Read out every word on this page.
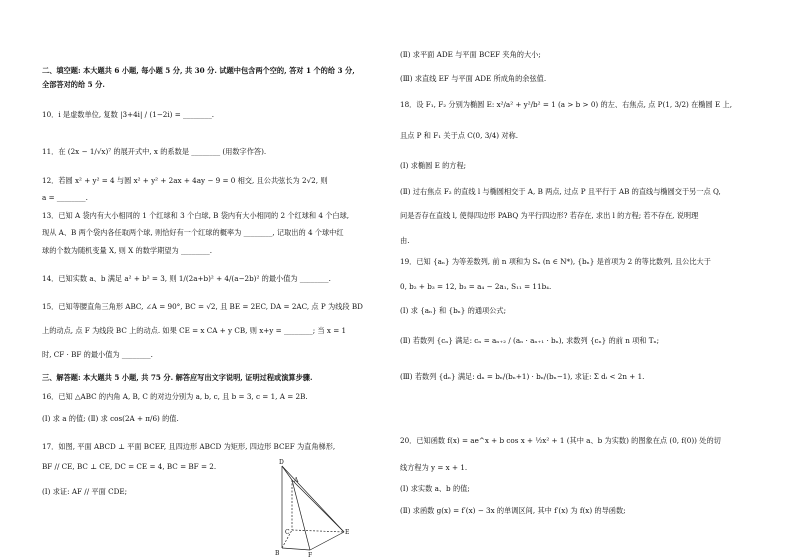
二、填空题: 本大题共 6 小题, 每小题 5 分, 共 30 分. 试题中包含两个空的, 答对 1 个的给 3 分,
全部答对的给 5 分.
10．i 是虚数单位, 复数 |3+4i| / (1−2i) = ________.
11．在 (2x − 1/√x)⁷ 的展开式中, x 的系数是 ________ (用数字作答).
12．若圆 x² + y² = 4 与圆 x² + y² + 2ax + 4ay − 9 = 0 相交, 且公共弦长为 2√2, 则
a = ________.
13．已知 A 袋内有大小相同的 1 个红球和 3 个白球, B 袋内有大小相同的 2 个红球和 4 个白球,
现从 A、B 两个袋内各任取两个球, 则恰好有一个红球的概率为 ________, 记取出的 4 个球中红
球的个数为随机变量 X, 则 X 的数学期望为 ________.
14．已知实数 a、b 满足 a² + b² = 3, 则 1/(2a+b)² + 4/(a−2b)² 的最小值为 ________.
15．已知等腰直角三角形 ABC, ∠A = 90°, BC = √2, 且 BE = 2EC, DA = 2AC, 点 P 为线段 BD
上的动点, 点 F 为线段 BC 上的动点. 如果 CE = x CA + y CB, 则 x+y = ________; 当 x = 1
时, CF · BF 的最小值为 ________.
三、解答题: 本大题共 5 小题, 共 75 分. 解答应写出文字说明, 证明过程或演算步骤.
16．已知 △ABC 的内角 A, B, C 的对边分别为 a, b, c, 且 b = 3, c = 1, A = 2B.
(Ⅰ) 求 a 的值; (Ⅱ) 求 cos(2A + π/6) 的值.
17．如图, 平面 ABCD ⊥ 平面 BCEF, 且四边形 ABCD 为矩形, 四边形 BCEF 为直角梯形,
BF // CE, BC ⊥ CE, DC = CE = 4, BC = BF = 2.
(Ⅰ) 求证: AF // 平面 CDE;
D
A
C
B	F
E
(Ⅱ) 求平面 ADE 与平面 BCEF 夹角的大小;
(Ⅲ) 求直线 EF 与平面 ADE 所成角的余弦值.
18．设 F₁, F₂ 分别为椭圆 E: x²/a² + y²/b² = 1 (a > b > 0) 的左、右焦点, 点 P(1, 3/2) 在椭圆 E 上,
且点 P 和 F₁ 关于点 C(0, 3/4) 对称.
(Ⅰ) 求椭圆 E 的方程;
(Ⅱ) 过右焦点 F₂ 的直线 l 与椭圆相交于 A, B 两点, 过点 P 且平行于 AB 的直线与椭圆交于另一点 Q,
问是否存在直线 l, 使得四边形 PABQ 为平行四边形? 若存在, 求出 l 的方程; 若不存在, 说明理
由.
19．已知 {aₙ} 为等差数列, 前 n 项和为 Sₙ (n ∈ N*), {bₙ} 是首项为 2 的等比数列, 且公比大于
0, b₂ + b₃ = 12, b₃ = a₄ − 2a₁, S₁₁ = 11b₄.
(Ⅰ) 求 {aₙ} 和 {bₙ} 的通项公式;
(Ⅱ) 若数列 {cₙ} 满足: cₙ = aₙ₊₂ / (aₙ · aₙ₊₁ · bₙ), 求数列 {cₙ} 的前 n 项和 Tₙ;
(Ⅲ) 若数列 {dₙ} 满足: dₙ = bₙ/(bₙ+1) · bₙ/(bₙ−1), 求证: Σ dᵢ < 2n + 1.
20．已知函数 f(x) = ae^x + b cos x + ½x² + 1 (其中 a、b 为实数) 的图象在点 (0, f(0)) 处的切
线方程为 y = x + 1.
(Ⅰ) 求实数 a、b 的值;
(Ⅱ) 求函数 g(x) = f′(x) − 3x 的单调区间, 其中 f′(x) 为 f(x) 的导函数;
